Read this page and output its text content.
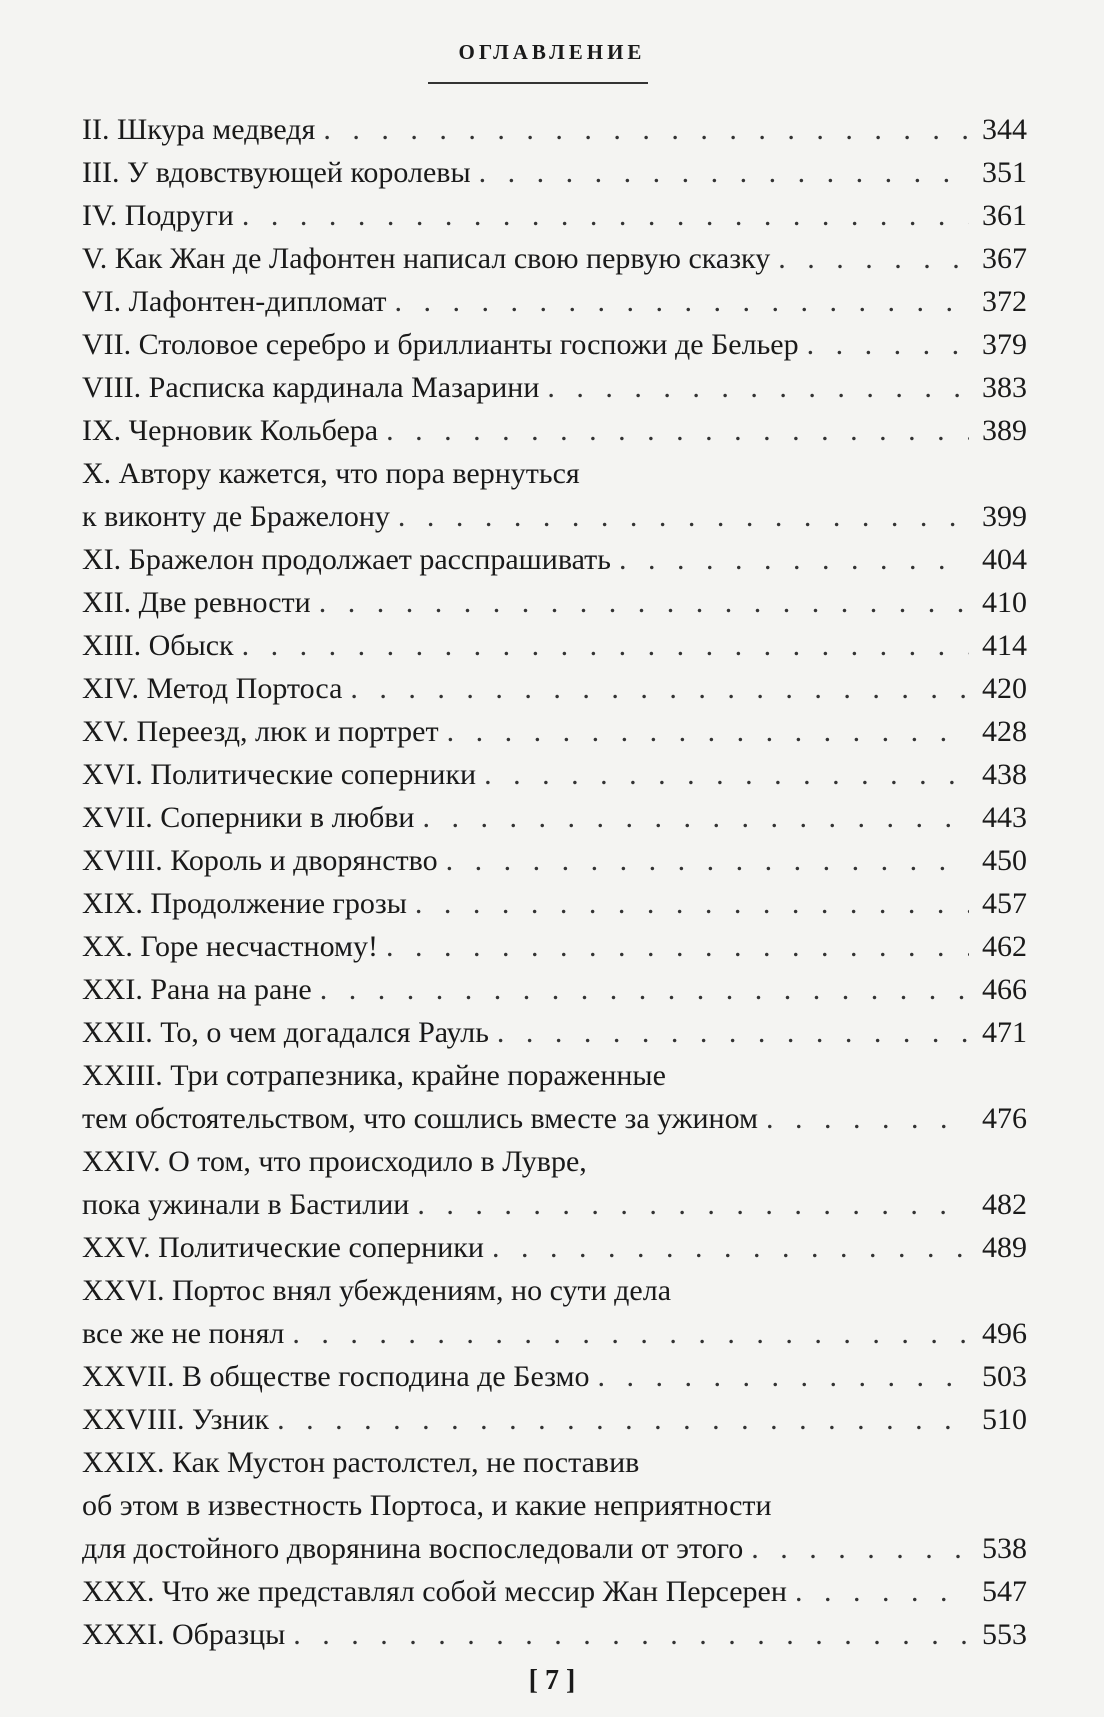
ОГЛАВЛЕНИЕ
II. Шкура медведя . . .	344
III. У вдовствующей королевы . . .	351
IV. Подруги . . .	361
V. Как Жан де Лафонтен написал свою первую сказку . . .	367
VI. Лафонтен-дипломат . . .	372
VII. Столовое серебро и бриллианты госпожи де Бельер . . .	379
VIII. Расписка кардинала Мазарини . . .	383
IX. Черновик Кольбера . . .	389
X. Автору кажется, что пора вернуться
к виконту де Бражелону . . .	399
XI. Бражелон продолжает расспрашивать . . .	404
XII. Две ревности . . .	410
XIII. Обыск . . .	414
XIV. Метод Портоса . . .	420
XV. Переезд, люк и портрет . . .	428
XVI. Политические соперники . . .	438
XVII. Соперники в любви . . .	443
XVIII. Король и дворянство . . .	450
XIX. Продолжение грозы . . .	457
XX. Горе несчастному! . . .	462
XXI. Рана на ране . . .	466
XXII. То, о чем догадался Рауль . . .	471
XXIII. Три сотрапезника, крайне пораженные
тем обстоятельством, что сошлись вместе за ужином . . .	476
XXIV. О том, что происходило в Лувре,
пока ужинали в Бастилии . . .	482
XXV. Политические соперники . . .	489
XXVI. Портос внял убеждениям, но сути дела
все же не понял . . .	496
XXVII. В обществе господина де Безмо . . .	503
XXVIII. Узник . . .	510
XXIX. Как Мустон растолстел, не поставив
об этом в известность Портоса, и какие неприятности
для достойного дворянина воспоследовали от этого . . .	538
XXX. Что же представлял собой мессир Жан Персерен . . .	547
XXXI. Образцы . . .	553
[ 7 ]
